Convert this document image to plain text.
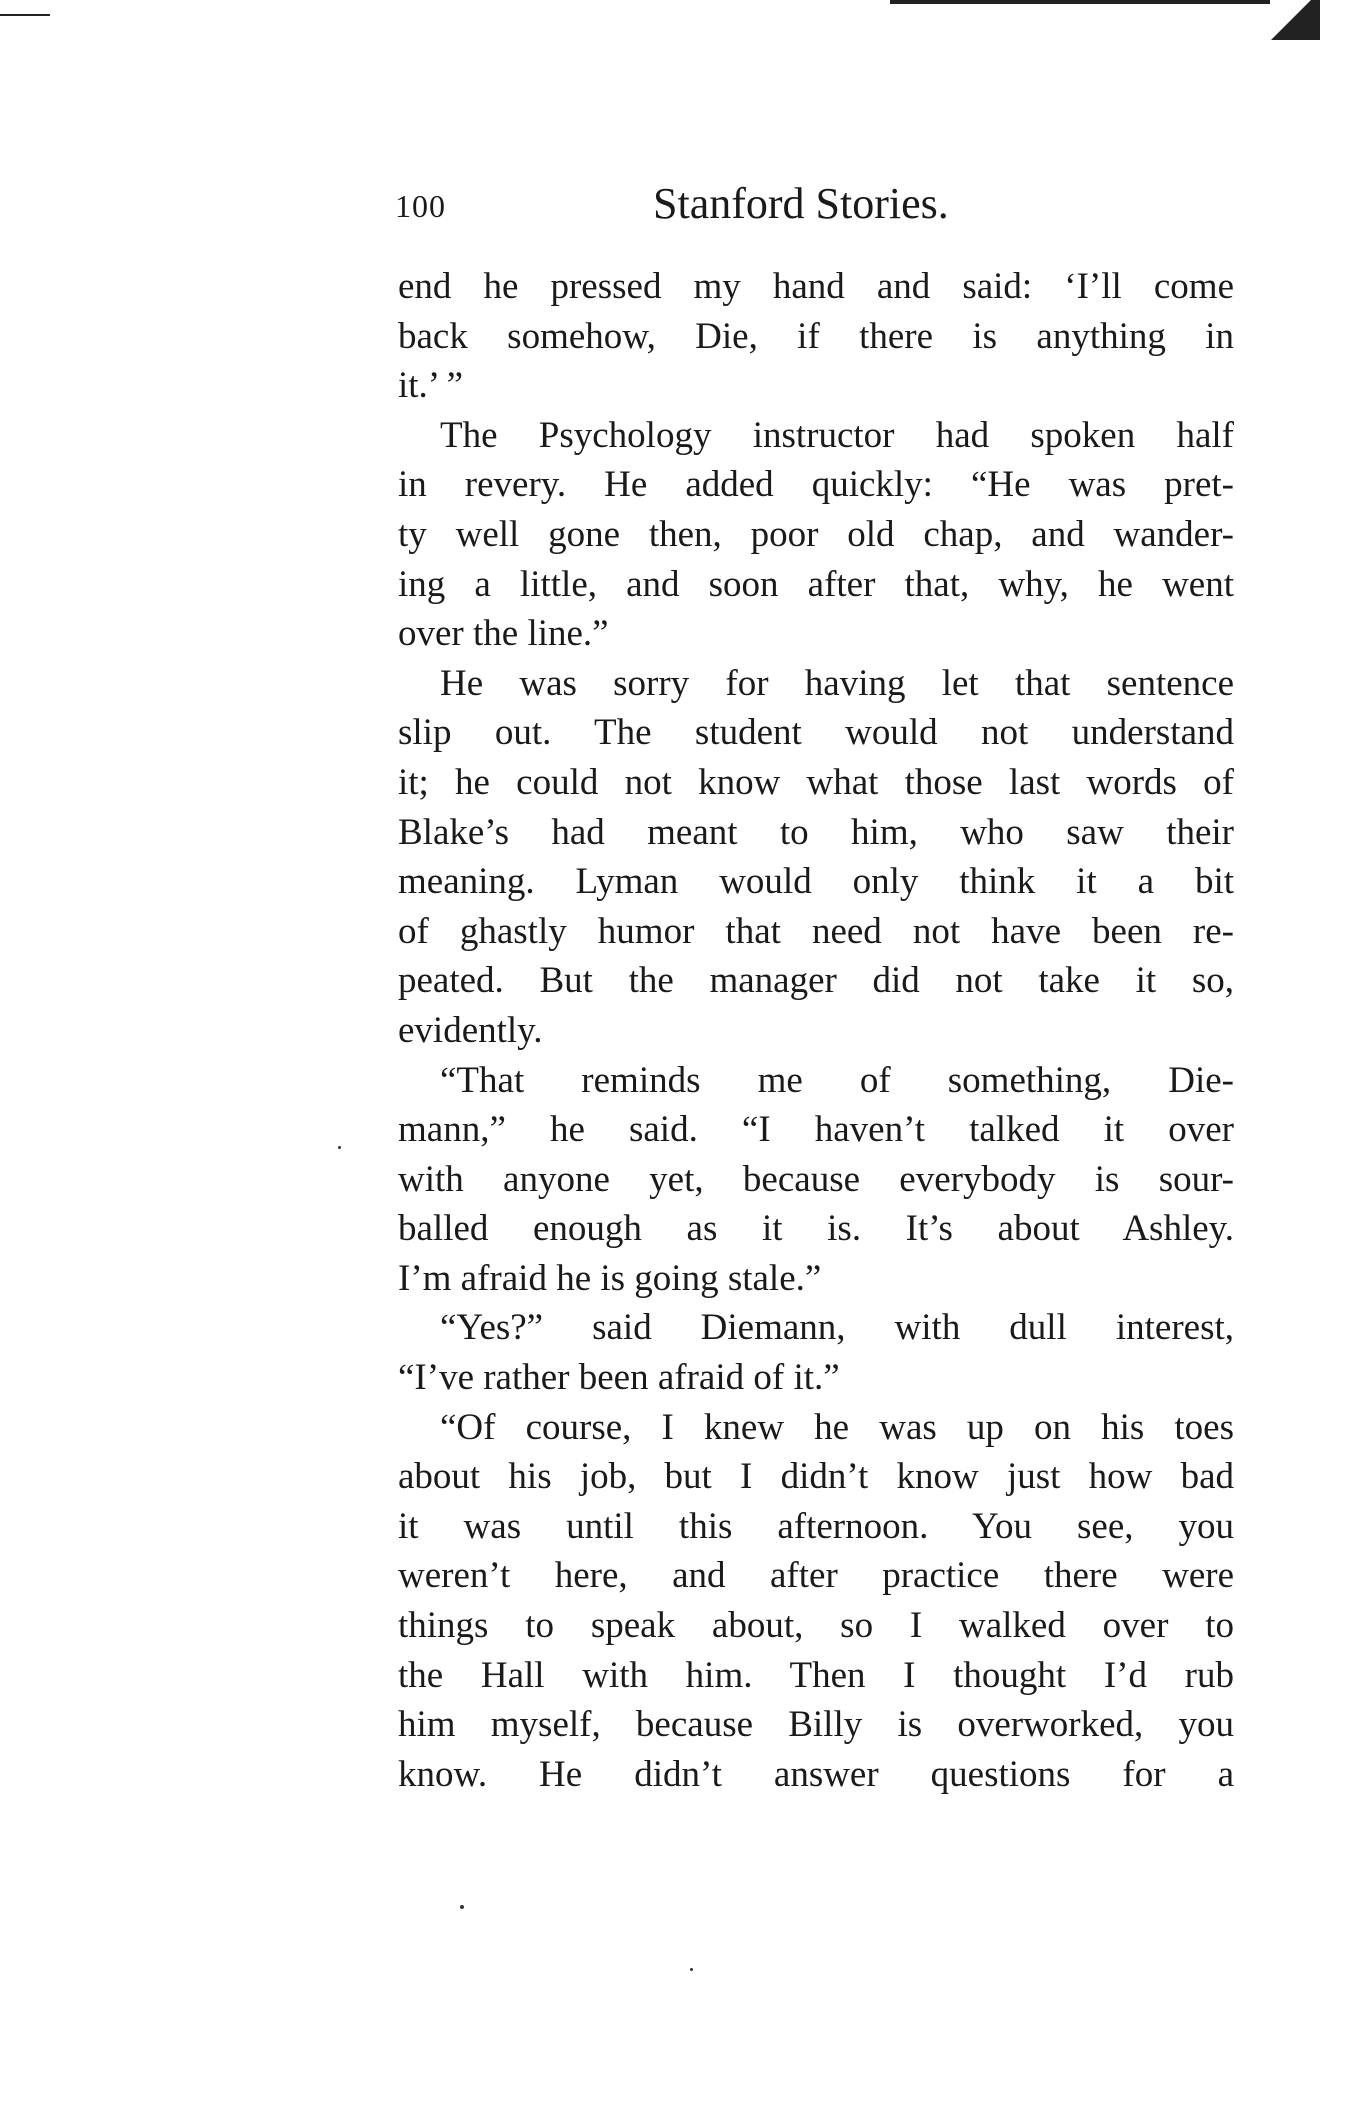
100	Stanford Stories.
end he pressed my hand and said: ‘I’ll come
back somehow, Die, if there is anything in
it.’ ”
The Psychology instructor had spoken half
in revery. He added quickly: “He was pret-
ty well gone then, poor old chap, and wander-
ing a little, and soon after that, why, he went
over the line.”
He was sorry for having let that sentence
slip out. The student would not understand
it; he could not know what those last words of
Blake’s had meant to him, who saw their
meaning. Lyman would only think it a bit
of ghastly humor that need not have been re-
peated. But the manager did not take it so,
evidently.
“That reminds me of something, Die-
mann,” he said. “I haven’t talked it over
with anyone yet, because everybody is sour-
balled enough as it is. It’s about Ashley.
I’m afraid he is going stale.”
“Yes?” said Diemann, with dull interest,
“I’ve rather been afraid of it.”
“Of course, I knew he was up on his toes
about his job, but I didn’t know just how bad
it was until this afternoon. You see, you
weren’t here, and after practice there were
things to speak about, so I walked over to
the Hall with him. Then I thought I’d rub
him myself, because Billy is overworked, you
know. He didn’t answer questions for a
